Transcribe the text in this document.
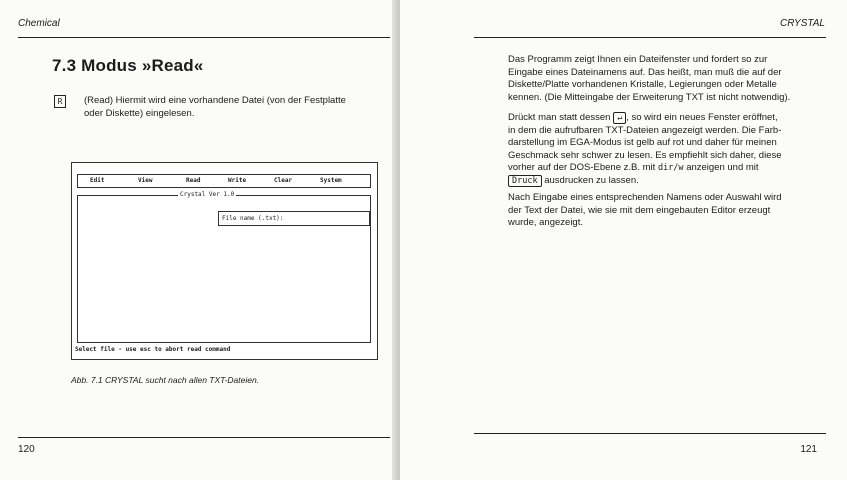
Chemical
7.3 Modus »Read«
R	(Read) Hiermit wird eine vorhandene Datei (von der Festplatte
oder Diskette) eingelesen.
Edit	View	Read	Write	Clear	System
Crystal Ver 1.0
File name (.txt):
Select file - use esc to abort read command
Abb. 7.1 CRYSTAL sucht nach allen TXT-Dateien.
120
CRYSTAL
Das Programm zeigt Ihnen ein Dateifenster und fordert so zur
Eingabe eines Dateinamens auf. Das heißt, man muß die auf der
Diskette/Platte vorhandenen Kristalle, Legierungen oder Metalle
kennen. (Die Mitteingabe der Erweiterung TXT ist nicht notwendig).
Drückt man statt dessen ↵ , so wird ein neues Fenster eröffnet,
in dem die aufrufbaren TXT-Dateien angezeigt werden. Die Farb-
darstellung im EGA-Modus ist gelb auf rot und daher für meinen
Geschmack sehr schwer zu lesen. Es empfiehlt sich daher, diese
vorher auf der DOS-Ebene z.B. mit dir/w anzeigen und mit
Druck ausdrucken zu lassen.
Nach Eingabe eines entsprechenden Namens oder Auswahl wird
der Text der Datei, wie sie mit dem eingebauten Editor erzeugt
wurde, angezeigt.
121
